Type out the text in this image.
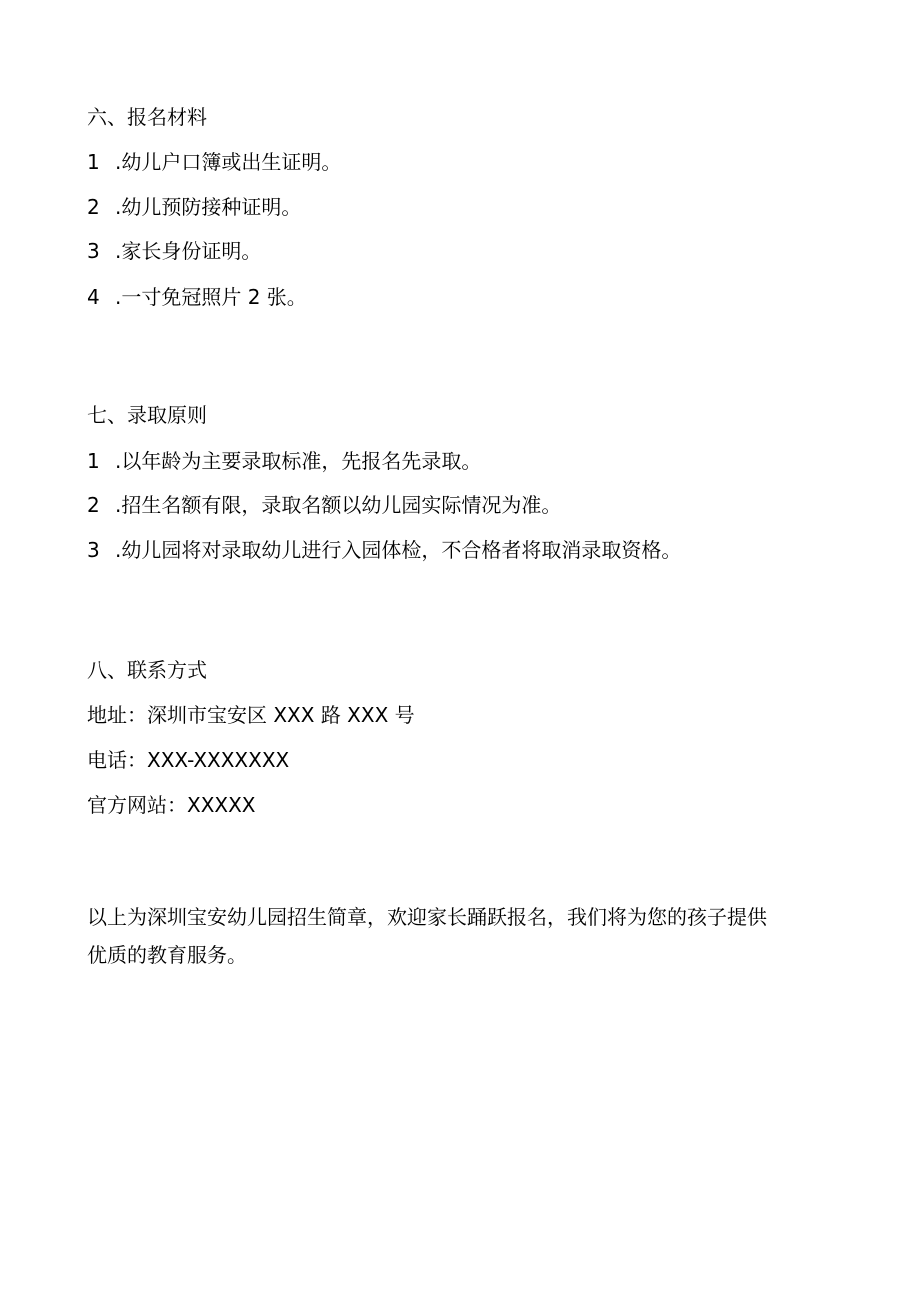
六、报名材料

1 .幼儿户口簿或出生证明。

2 .幼儿预防接种证明。

3 .家长身份证明。

4 .一寸免冠照片 2 张。

七、录取原则

1 .以年龄为主要录取标准，先报名先录取。

2 .招生名额有限，录取名额以幼儿园实际情况为准。

3 .幼儿园将对录取幼儿进行入园体检，不合格者将取消录取资格。

八、联系方式

地址：深圳市宝安区 XXX 路 XXX 号

电话：XXX-XXXXXXX

官方网站：XXXXX

以上为深圳宝安幼儿园招生简章，欢迎家长踊跃报名，我们将为您的孩子提供

优质的教育服务。
